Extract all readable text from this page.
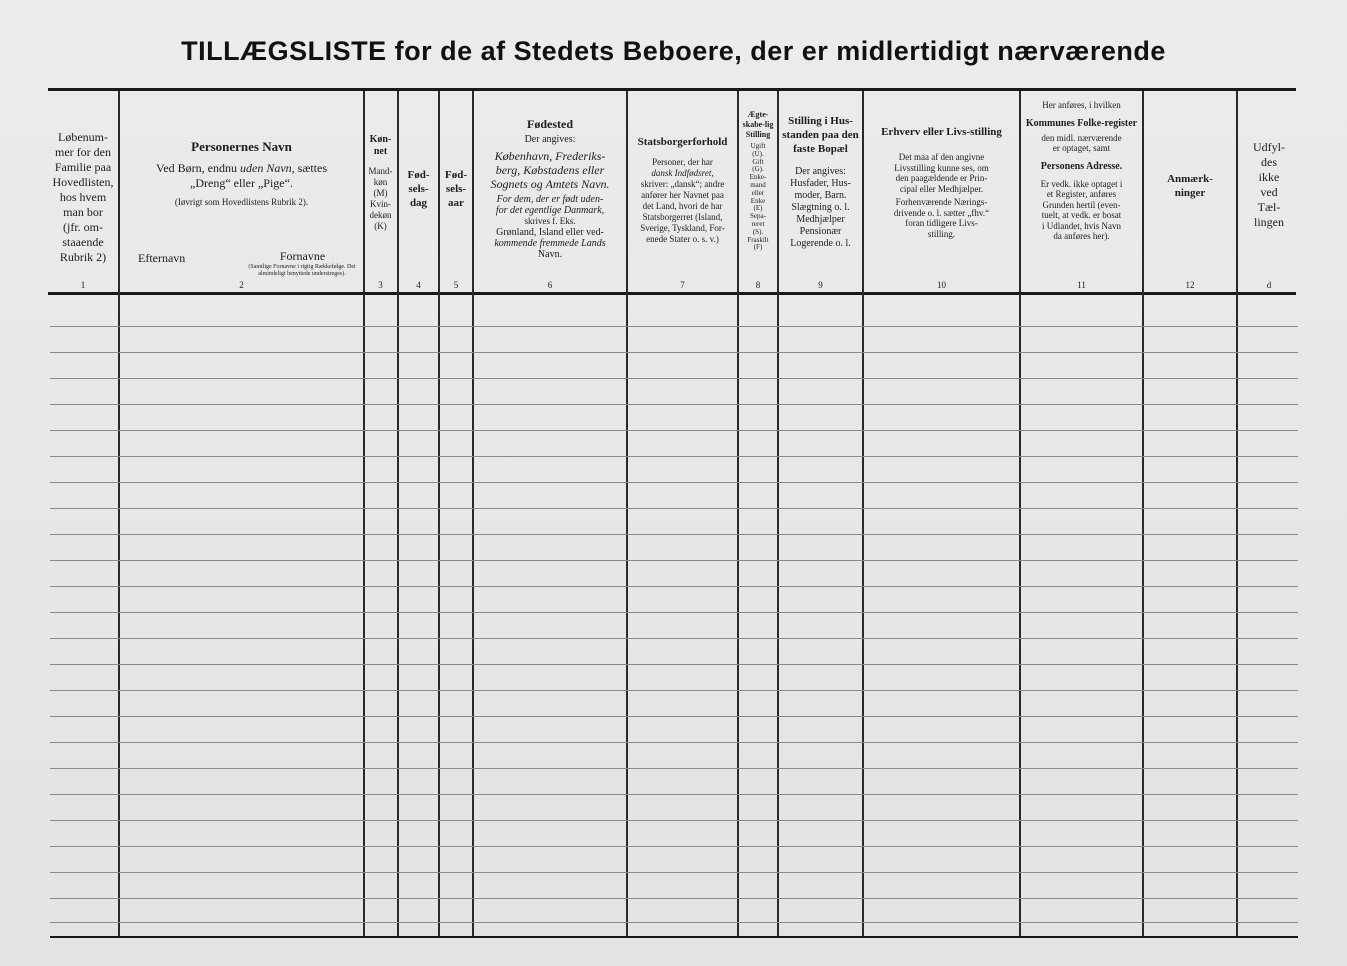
TILLÆGSLISTE for de af Stedets Beboere, der er midlertidigt nærværende
Løbenum-
mer for den
Familie paa
Hovedlisten,
hos hvem
man bor
(jfr. om-
staaende
Rubrik 2)
1
Personernes Navn
Ved Børn, endnu uden Navn, sættes
„Dreng“ eller „Pige“.
(Iøvrigt som Hovedlistens Rubrik 2).
Efternavn	Fornavne
(Samtlige Fornavne i rigtig Rækkefølge. Det almindeligt benyttede understreges).
2
Køn-net
Mand-
køn
(M)
Kvin-
dekøn
(K)
3
Fød-sels-dag
4
Fød-sels-aar
5
Fødested
Der angives:
København, Frederiks-
berg, Købstadens eller
Sognets og Amtets Navn.
For dem, der er født uden-
for det egentlige Danmark,
skrives f. Eks.
Grønland, Island eller ved-
kommende fremmede Lands
Navn.
6
Statsborgerforhold
Personer, der har
dansk Indfødsret,
skriver: „dansk“; andre
anfører her Navnet paa
det Land, hvori de har
Statsborgerret (Island,
Sverige, Tyskland, For-
enede Stater o. s. v.)
7
Ægte-skabe-lig Stilling
Ugift
(U).
Gift
(G).
Enke-
mand
eller
Enke
(E)
Sepa-
reret
(S).
Fraskilt
(F)
8
Stilling i Hus-standen paa den faste Bopæl
Der angives:
Husfader, Hus-
moder, Barn.
Slægtning o. l.
Medhjælper
Pensionær
Logerende o. l.
9
Erhverv eller Livs-stilling
Det maa af den angivne
Livsstilling kunne ses, om
den paagældende er Prin-
cipal eller Medhjælper.
Forhenværende Nærings-
drivende o. l. sætter „fhv.“
foran tidligere Livs-
stilling.
10
Her anføres, i hvilken
Kommunes Folke-register
den midl. nærværende
er optaget, samt
Personens Adresse.
Er vedk. ikke optaget i
et Register, anføres
Grunden hertil (even-
tuelt, at vedk. er bosat
i Udlandet, hvis Navn
da anføres her).
11
Anmærk-ninger
12
Udfyl-
des
ikke
ved
Tæl-
lingen
d
